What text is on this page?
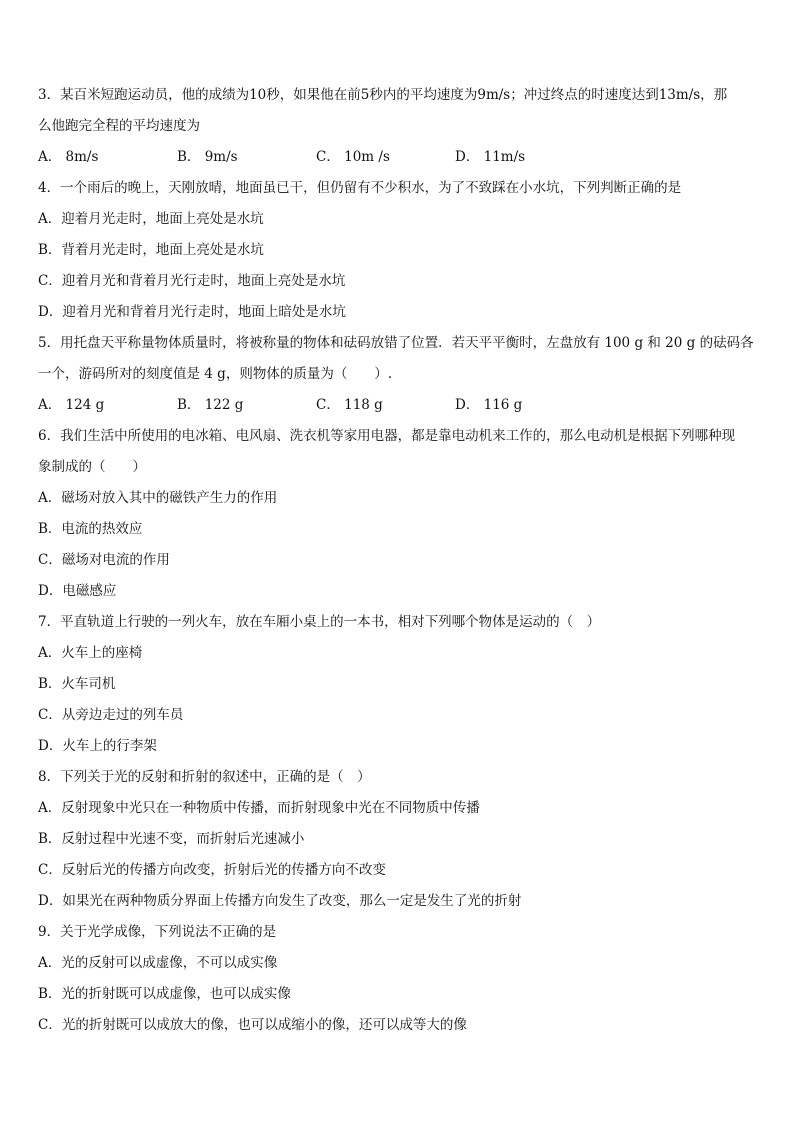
3．某百米短跑运动员，他的成绩为10秒，如果他在前5秒内的平均速度为9m/s；冲过终点的时速度达到13m/s，那
么他跑完全程的平均速度为
A． 8m/s	B． 9m/s	C． 10m /s	D． 11m/s
4．一个雨后的晚上，天刚放晴，地面虽已干，但仍留有不少积水，为了不致踩在小水坑，下列判断正确的是
A．迎着月光走时，地面上亮处是水坑
B．背着月光走时，地面上亮处是水坑
C．迎着月光和背着月光行走时，地面上亮处是水坑
D．迎着月光和背着月光行走时，地面上暗处是水坑
5．用托盘天平称量物体质量时，将被称量的物体和砝码放错了位置．若天平平衡时，左盘放有 100 g 和 20 g 的砝码各
一个，游码所对的刻度值是 4 g，则物体的质量为（　　）.
A． 124 g	B． 122 g	C． 118 g	D． 116 g
6．我们生活中所使用的电冰箱、电风扇、洗衣机等家用电器，都是靠电动机来工作的，那么电动机是根据下列哪种现
象制成的（　　）
A．磁场对放入其中的磁铁产生力的作用
B．电流的热效应
C．磁场对电流的作用
D．电磁感应
7．平直轨道上行驶的一列火车，放在车厢小桌上的一本书，相对下列哪个物体是运动的（　）
A．火车上的座椅
B．火车司机
C．从旁边走过的列车员
D．火车上的行李架
8．下列关于光的反射和折射的叙述中，正确的是（　）
A．反射现象中光只在一种物质中传播，而折射现象中光在不同物质中传播
B．反射过程中光速不变，而折射后光速减小
C．反射后光的传播方向改变，折射后光的传播方向不改变
D．如果光在两种物质分界面上传播方向发生了改变，那么一定是发生了光的折射
9．关于光学成像，下列说法不正确的是
A．光的反射可以成虚像，不可以成实像
B．光的折射既可以成虚像，也可以成实像
C．光的折射既可以成放大的像，也可以成缩小的像，还可以成等大的像
